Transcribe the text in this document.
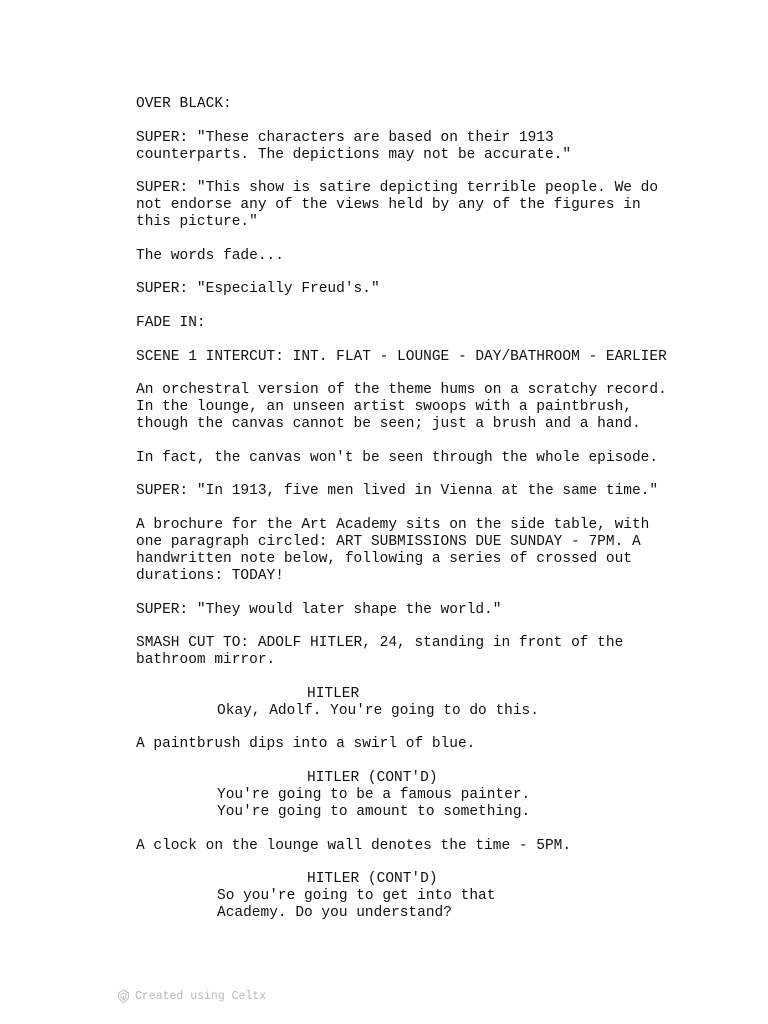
OVER BLACK:
SUPER: "These characters are based on their 1913
counterparts. The depictions may not be accurate."
SUPER: "This show is satire depicting terrible people. We do
not endorse any of the views held by any of the figures in
this picture."
The words fade...
SUPER: "Especially Freud's."
FADE IN:
SCENE 1 INTERCUT: INT. FLAT - LOUNGE - DAY/BATHROOM - EARLIER
An orchestral version of the theme hums on a scratchy record.
In the lounge, an unseen artist swoops with a paintbrush,
though the canvas cannot be seen; just a brush and a hand.
In fact, the canvas won't be seen through the whole episode.
SUPER: "In 1913, five men lived in Vienna at the same time."
A brochure for the Art Academy sits on the side table, with
one paragraph circled: ART SUBMISSIONS DUE SUNDAY - 7PM. A
handwritten note below, following a series of crossed out
durations: TODAY!
SUPER: "They would later shape the world."
SMASH CUT TO: ADOLF HITLER, 24, standing in front of the
bathroom mirror.
HITLER
Okay, Adolf. You're going to do this.
A paintbrush dips into a swirl of blue.
HITLER (CONT'D)
You're going to be a famous painter.
You're going to amount to something.
A clock on the lounge wall denotes the time - 5PM.
HITLER (CONT'D)
So you're going to get into that
Academy. Do you understand?
Created using Celtx
